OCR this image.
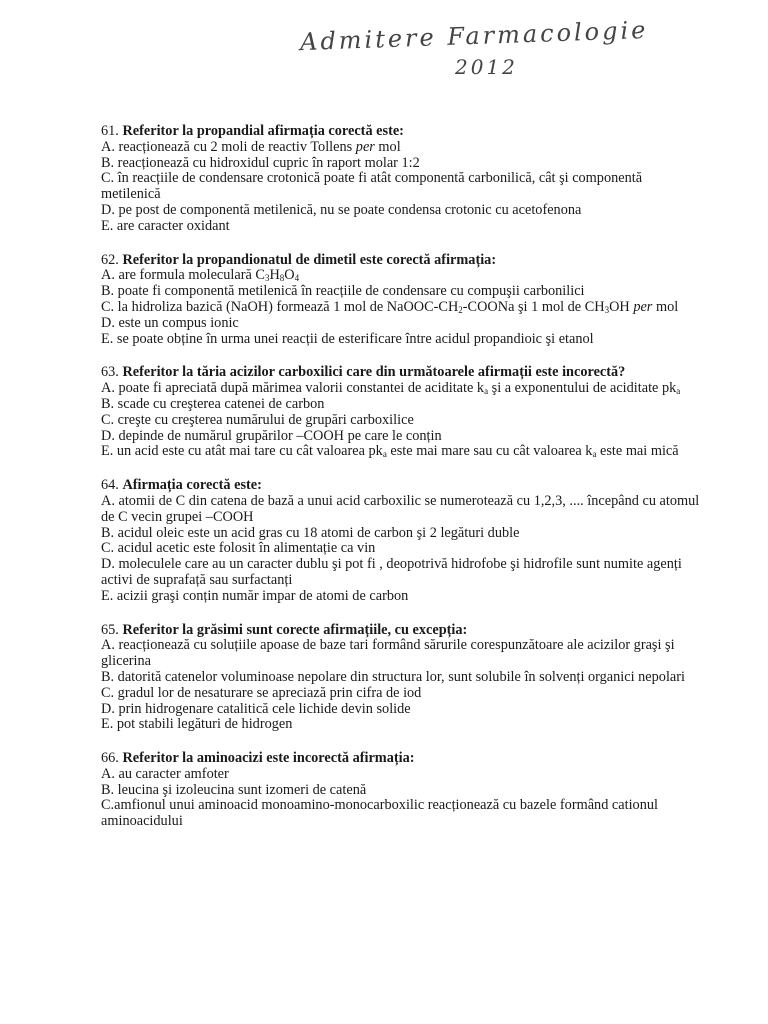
Admitere Farmacologie
2012
61. Referitor la propandial afirmația corectă este:
A. reacționează cu 2 moli de reactiv Tollens per mol
B. reacționează cu hidroxidul cupric în raport molar 1:2
C. în reacțiile de condensare crotonică poate fi atât componentă carbonilică, cât şi componentă metilenică
D. pe post de componentă metilenică, nu se poate condensa crotonic cu acetofenona
E. are caracter oxidant
62. Referitor la propandionatul de dimetil este corectă afirmația:
A. are formula moleculară $C_3H_8O_4$
B. poate fi componentă metilenică în reacțiile de condensare cu compuşii carbonilici
C. la hidroliza bazică (NaOH) formează 1 mol de NaOOC-$CH_2$-COONa şi 1 mol de $CH_3OH$ per mol
D. este un compus ionic
E. se poate obține în urma unei reacții de esterificare între acidul propandioic şi etanol
63. Referitor la tăria acizilor carboxilici care din următoarele afirmații este incorectă?
A. poate fi apreciată după mărimea valorii constantei de aciditate $k_a$ şi a exponentului de aciditate $pk_a$
B. scade cu creşterea catenei de carbon
C. creşte cu creşterea numărului de grupări carboxilice
D. depinde de numărul grupărilor –COOH pe care le conțin
E. un acid este cu atât mai tare cu cât valoarea $pk_a$ este mai mare sau cu cât valoarea $k_a$ este mai mică
64. Afirmația corectă este:
A. atomii de C din catena de bază a unui acid carboxilic se numerotează cu 1,2,3, .... începând cu atomul de C vecin grupei –COOH
B. acidul oleic este un acid gras cu 18 atomi de carbon şi 2 legături duble
C. acidul acetic este folosit în alimentație ca vin
D. moleculele care au un caracter dublu şi pot fi , deopotrivă hidrofobe şi hidrofile sunt numite agenți activi de suprafață sau surfactanți
E. acizii graşi conțin număr impar de atomi de carbon
65. Referitor la grăsimi sunt corecte afirmațiile, cu excepția:
A. reacționează cu soluțiile apoase de baze tari formând sărurile corespunzătoare ale acizilor graşi şi glicerina
B. datorită catenelor voluminoase nepolare din structura lor, sunt solubile în solvenți organici nepolari
C. gradul lor de nesaturare se apreciază prin cifra de iod
D. prin hidrogenare catalitică cele lichide devin solide
E. pot stabili legături de hidrogen
66. Referitor la aminoacizi este incorectă afirmația:
A. au caracter amfoter
B. leucina şi izoleucina sunt izomeri de catenă
C.amfionul unui aminoacid monoamino-monocarboxilic reacționează cu bazele formând cationul aminoacidului
